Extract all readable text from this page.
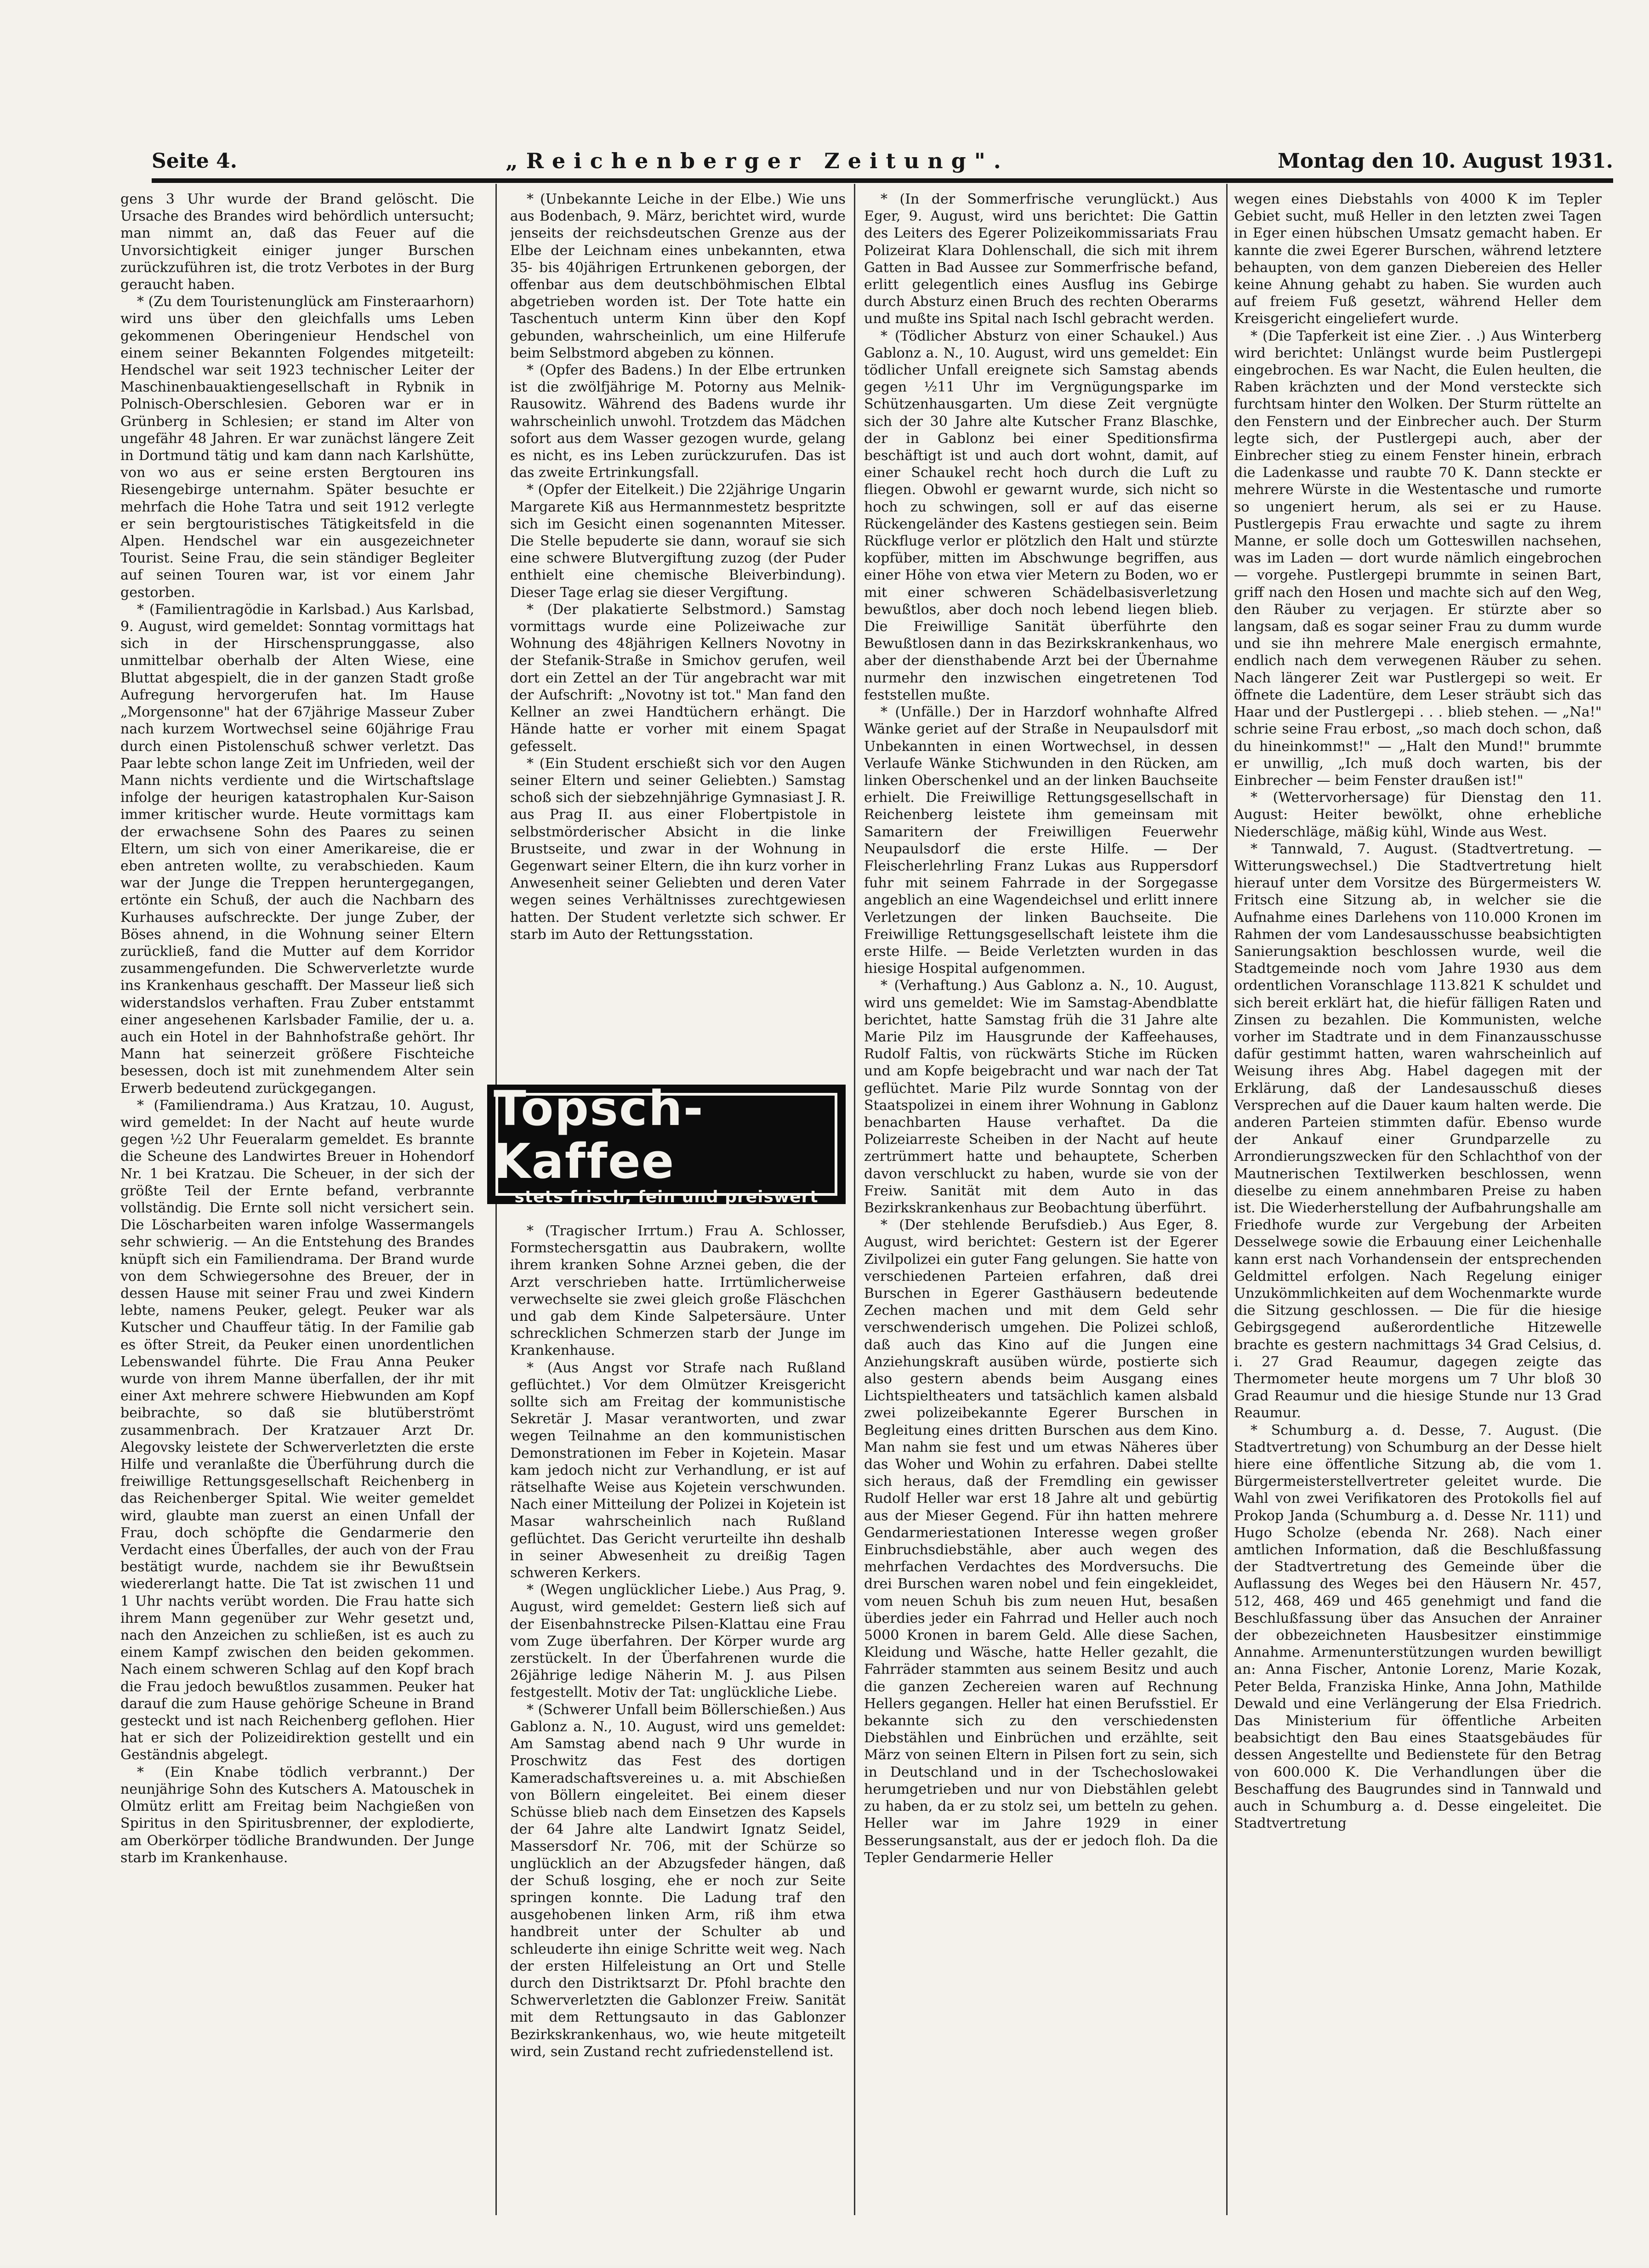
Seite 4.	„Reichenberger Zeitung".	Montag den 10. August 1931.

gens 3 Uhr wurde der Brand gelöscht. Die Ursache des Brandes wird behördlich untersucht; man nimmt an, daß das Feuer auf die Unvorsichtigkeit einiger junger Burschen zurückzuführen ist, die trotz Verbotes in der Burg geraucht haben.

* (Zu dem Touristenunglück am Finsteraarhorn) wird uns über den gleichfalls ums Leben gekommenen Oberingenieur Hendschel von einem seiner Bekannten Folgendes mitgeteilt: Hendschel war seit 1923 technischer Leiter der Maschinenbauaktiengesellschaft in Rybnik in Polnisch-Oberschlesien. Geboren war er in Grünberg in Schlesien; er stand im Alter von ungefähr 48 Jahren. Er war zunächst längere Zeit in Dortmund tätig und kam dann nach Karlshütte, von wo aus er seine ersten Bergtouren ins Riesengebirge unternahm. Später besuchte er mehrfach die Hohe Tatra und seit 1912 verlegte er sein bergtouristisches Tätigkeitsfeld in die Alpen. Hendschel war ein ausgezeichneter Tourist. Seine Frau, die sein ständiger Begleiter auf seinen Touren war, ist vor einem Jahr gestorben.

* (Familientragödie in Karlsbad.) Aus Karlsbad, 9. August, wird gemeldet: Sonntag vormittags hat sich in der Hirschensprunggasse, also unmittelbar oberhalb der Alten Wiese, eine Bluttat abgespielt, die in der ganzen Stadt große Aufregung hervorgerufen hat. Im Hause „Morgensonne" hat der 67jährige Masseur Zuber nach kurzem Wortwechsel seine 60jährige Frau durch einen Pistolenschuß schwer verletzt. Das Paar lebte schon lange Zeit im Unfrieden, weil der Mann nichts verdiente und die Wirtschaftslage infolge der heurigen katastrophalen Kur-Saison immer kritischer wurde. Heute vormittags kam der erwachsene Sohn des Paares zu seinen Eltern, um sich von einer Amerikareise, die er eben antreten wollte, zu verabschieden. Kaum war der Junge die Treppen heruntergegangen, ertönte ein Schuß, der auch die Nachbarn des Kurhauses aufschreckte. Der junge Zuber, der Böses ahnend, in die Wohnung seiner Eltern zurückließ, fand die Mutter auf dem Korridor zusammengefunden. Die Schwerverletzte wurde ins Krankenhaus geschafft. Der Masseur ließ sich widerstandslos verhaften. Frau Zuber entstammt einer angesehenen Karlsbader Familie, der u. a. auch ein Hotel in der Bahnhofstraße gehört. Ihr Mann hat seinerzeit größere Fischteiche besessen, doch ist mit zunehmendem Alter sein Erwerb bedeutend zurückgegangen.

* (Familiendrama.) Aus Kratzau, 10. August, wird gemeldet: In der Nacht auf heute wurde gegen ½2 Uhr Feueralarm gemeldet. Es brannte die Scheune des Landwirtes Breuer in Hohendorf Nr. 1 bei Kratzau. Die Scheuer, in der sich der größte Teil der Ernte befand, verbrannte vollständig. Die Ernte soll nicht versichert sein. Die Löscharbeiten waren infolge Wassermangels sehr schwierig. — An die Entstehung des Brandes knüpft sich ein Familiendrama. Der Brand wurde von dem Schwiegersohne des Breuer, der in dessen Hause mit seiner Frau und zwei Kindern lebte, namens Peuker, gelegt. Peuker war als Kutscher und Chauffeur tätig. In der Familie gab es öfter Streit, da Peuker einen unordentlichen Lebenswandel führte. Die Frau Anna Peuker wurde von ihrem Manne überfallen, der ihr mit einer Axt mehrere schwere Hiebwunden am Kopf beibrachte, so daß sie blutüberströmt zusammenbrach. Der Kratzauer Arzt Dr. Alegovsky leistete der Schwerverletzten die erste Hilfe und veranlaßte die Überführung durch die freiwillige Rettungsgesellschaft Reichenberg in das Reichenberger Spital. Wie weiter gemeldet wird, glaubte man zuerst an einen Unfall der Frau, doch schöpfte die Gendarmerie den Verdacht eines Überfalles, der auch von der Frau bestätigt wurde, nachdem sie ihr Bewußtsein wiedererlangt hatte. Die Tat ist zwischen 11 und 1 Uhr nachts verübt worden. Die Frau hatte sich ihrem Mann gegenüber zur Wehr gesetzt und, nach den Anzeichen zu schließen, ist es auch zu einem Kampf zwischen den beiden gekommen. Nach einem schweren Schlag auf den Kopf brach die Frau jedoch bewußtlos zusammen. Peuker hat darauf die zum Hause gehörige Scheune in Brand gesteckt und ist nach Reichenberg geflohen. Hier hat er sich der Polizeidirektion gestellt und ein Geständnis abgelegt.

* (Ein Knabe tödlich verbrannt.) Der neunjährige Sohn des Kutschers A. Matouschek in Olmütz erlitt am Freitag beim Nachgießen von Spiritus in den Spiritusbrenner, der explodierte, am Oberkörper tödliche Brandwunden. Der Junge starb im Krankenhause.

* (Unbekannte Leiche in der Elbe.) Wie uns aus Bodenbach, 9. März, berichtet wird, wurde jenseits der reichsdeutschen Grenze aus der Elbe der Leichnam eines unbekannten, etwa 35- bis 40jährigen Ertrunkenen geborgen, der offenbar aus dem deutschböhmischen Elbtal abgetrieben worden ist. Der Tote hatte ein Taschentuch unterm Kinn über den Kopf gebunden, wahrscheinlich, um eine Hilferufe beim Selbstmord abgeben zu können.

* (Opfer des Badens.) In der Elbe ertrunken ist die zwölfjährige M. Potorny aus Melnik-Rausowitz. Während des Badens wurde ihr wahrscheinlich unwohl. Trotzdem das Mädchen sofort aus dem Wasser gezogen wurde, gelang es nicht, es ins Leben zurückzurufen. Das ist das zweite Ertrinkungsfall.

* (Opfer der Eitelkeit.) Die 22jährige Ungarin Margarete Kiß aus Hermannmestetz bespritzte sich im Gesicht einen sogenannten Mitesser. Die Stelle bepuderte sie dann, worauf sie sich eine schwere Blutvergiftung zuzog (der Puder enthielt eine chemische Bleiverbindung). Dieser Tage erlag sie dieser Vergiftung.

* (Der plakatierte Selbstmord.) Samstag vormittags wurde eine Polizeiwache zur Wohnung des 48jährigen Kellners Novotny in der Stefanik-Straße in Smichov gerufen, weil dort ein Zettel an der Tür angebracht war mit der Aufschrift: „Novotny ist tot." Man fand den Kellner an zwei Handtüchern erhängt. Die Hände hatte er vorher mit einem Spagat gefesselt.

* (Ein Student erschießt sich vor den Augen seiner Eltern und seiner Geliebten.) Samstag schoß sich der siebzehnjährige Gymnasiast J. R. aus Prag II. aus einer Flobertpistole in selbstmörderischer Absicht in die linke Brustseite, und zwar in der Wohnung in Gegenwart seiner Eltern, die ihn kurz vorher in Anwesenheit seiner Geliebten und deren Vater wegen seines Verhältnisses zurechtgewiesen hatten. Der Student verletzte sich schwer. Er starb im Auto der Rettungsstation.

Topsch-Kaffee
stets frisch, fein und preiswert

* (Tragischer Irrtum.) Frau A. Schlosser, Formstechersgattin aus Daubrakern, wollte ihrem kranken Sohne Arznei geben, die der Arzt verschrieben hatte. Irrtümlicherweise verwechselte sie zwei gleich große Fläschchen und gab dem Kinde Salpetersäure. Unter schrecklichen Schmerzen starb der Junge im Krankenhause.

* (Aus Angst vor Strafe nach Rußland geflüchtet.) Vor dem Olmützer Kreisgericht sollte sich am Freitag der kommunistische Sekretär J. Masar verantworten, und zwar wegen Teilnahme an den kommunistischen Demonstrationen im Feber in Kojetein. Masar kam jedoch nicht zur Verhandlung, er ist auf rätselhafte Weise aus Kojetein verschwunden. Nach einer Mitteilung der Polizei in Kojetein ist Masar wahrscheinlich nach Rußland geflüchtet. Das Gericht verurteilte ihn deshalb in seiner Abwesenheit zu dreißig Tagen schweren Kerkers.

* (Wegen unglücklicher Liebe.) Aus Prag, 9. August, wird gemeldet: Gestern ließ sich auf der Eisenbahnstrecke Pilsen-Klattau eine Frau vom Zuge überfahren. Der Körper wurde arg zerstückelt. In der Überfahrenen wurde die 26jährige ledige Näherin M. J. aus Pilsen festgestellt. Motiv der Tat: unglückliche Liebe.

* (Schwerer Unfall beim Böllerschießen.) Aus Gablonz a. N., 10. August, wird uns gemeldet: Am Samstag abend nach 9 Uhr wurde in Proschwitz das Fest des dortigen Kameradschaftsvereines u. a. mit Abschießen von Böllern eingeleitet. Bei einem dieser Schüsse blieb nach dem Einsetzen des Kapsels der 64 Jahre alte Landwirt Ignatz Seidel, Massersdorf Nr. 706, mit der Schürze so unglücklich an der Abzugsfeder hängen, daß der Schuß losging, ehe er noch zur Seite springen konnte. Die Ladung traf den ausgehobenen linken Arm, riß ihm etwa handbreit unter der Schulter ab und schleuderte ihn einige Schritte weit weg. Nach der ersten Hilfeleistung an Ort und Stelle durch den Distriktsarzt Dr. Pfohl brachte den Schwerverletzten die Gablonzer Freiw. Sanität mit dem Rettungsauto in das Gablonzer Bezirkskrankenhaus, wo, wie heute mitgeteilt wird, sein Zustand recht zufriedenstellend ist.

* (In der Sommerfrische verunglückt.) Aus Eger, 9. August, wird uns berichtet: Die Gattin des Leiters des Egerer Polizeikommissariats Frau Polizeirat Klara Dohlenschall, die sich mit ihrem Gatten in Bad Aussee zur Sommerfrische befand, erlitt gelegentlich eines Ausflug ins Gebirge durch Absturz einen Bruch des rechten Oberarms und mußte ins Spital nach Ischl gebracht werden.

* (Tödlicher Absturz von einer Schaukel.) Aus Gablonz a. N., 10. August, wird uns gemeldet: Ein tödlicher Unfall ereignete sich Samstag abends gegen ½11 Uhr im Vergnügungsparke im Schützenhausgarten. Um diese Zeit vergnügte sich der 30 Jahre alte Kutscher Franz Blaschke, der in Gablonz bei einer Speditionsfirma beschäftigt ist und auch dort wohnt, damit, auf einer Schaukel recht hoch durch die Luft zu fliegen. Obwohl er gewarnt wurde, sich nicht so hoch zu schwingen, soll er auf das eiserne Rückengeländer des Kastens gestiegen sein. Beim Rückfluge verlor er plötzlich den Halt und stürzte kopfüber, mitten im Abschwunge begriffen, aus einer Höhe von etwa vier Metern zu Boden, wo er mit einer schweren Schädelbasisverletzung bewußtlos, aber doch noch lebend liegen blieb. Die Freiwillige Sanität überführte den Bewußtlosen dann in das Bezirkskrankenhaus, wo aber der diensthabende Arzt bei der Übernahme nurmehr den inzwischen eingetretenen Tod feststellen mußte.

* (Unfälle.) Der in Harzdorf wohnhafte Alfred Wänke geriet auf der Straße in Neupaulsdorf mit Unbekannten in einen Wortwechsel, in dessen Verlaufe Wänke Stichwunden in den Rücken, am linken Oberschenkel und an der linken Bauchseite erhielt. Die Freiwillige Rettungsgesellschaft in Reichenberg leistete ihm gemeinsam mit Samaritern der Freiwilligen Feuerwehr Neupaulsdorf die erste Hilfe. — Der Fleischerlehrling Franz Lukas aus Ruppersdorf fuhr mit seinem Fahrrade in der Sorgegasse angeblich an eine Wagendeichsel und erlitt innere Verletzungen der linken Bauchseite. Die Freiwillige Rettungsgesellschaft leistete ihm die erste Hilfe. — Beide Verletzten wurden in das hiesige Hospital aufgenommen.

* (Verhaftung.) Aus Gablonz a. N., 10. August, wird uns gemeldet: Wie im Samstag-Abendblatte berichtet, hatte Samstag früh die 31 Jahre alte Marie Pilz im Hausgrunde der Kaffeehauses, Rudolf Faltis, von rückwärts Stiche im Rücken und am Kopfe beigebracht und war nach der Tat geflüchtet. Marie Pilz wurde Sonntag von der Staatspolizei in einem ihrer Wohnung in Gablonz benachbarten Hause verhaftet. Da die Polizeiarreste Scheiben in der Nacht auf heute zertrümmert hatte und behauptete, Scherben davon verschluckt zu haben, wurde sie von der Freiw. Sanität mit dem Auto in das Bezirkskrankenhaus zur Beobachtung überführt.

* (Der stehlende Berufsdieb.) Aus Eger, 8. August, wird berichtet: Gestern ist der Egerer Zivilpolizei ein guter Fang gelungen. Sie hatte von verschiedenen Parteien erfahren, daß drei Burschen in Egerer Gasthäusern bedeutende Zechen machen und mit dem Geld sehr verschwenderisch umgehen. Die Polizei schloß, daß auch das Kino auf die Jungen eine Anziehungskraft ausüben würde, postierte sich also gestern abends beim Ausgang eines Lichtspieltheaters und tatsächlich kamen alsbald zwei polizeibekannte Egerer Burschen in Begleitung eines dritten Burschen aus dem Kino. Man nahm sie fest und um etwas Näheres über das Woher und Wohin zu erfahren. Dabei stellte sich heraus, daß der Fremdling ein gewisser Rudolf Heller war erst 18 Jahre alt und gebürtig aus der Mieser Gegend. Für ihn hatten mehrere Gendarmeriestationen Interesse wegen großer Einbruchsdiebstähle, aber auch wegen des mehrfachen Verdachtes des Mordversuchs. Die drei Burschen waren nobel und fein eingekleidet, vom neuen Schuh bis zum neuen Hut, besaßen überdies jeder ein Fahrrad und Heller auch noch 5000 Kronen in barem Geld. Alle diese Sachen, Kleidung und Wäsche, hatte Heller gezahlt, die Fahrräder stammten aus seinem Besitz und auch die ganzen Zechereien waren auf Rechnung Hellers gegangen. Heller hat einen Berufsstiel. Er bekannte sich zu den verschiedensten Diebstählen und Einbrüchen und erzählte, seit März von seinen Eltern in Pilsen fort zu sein, sich in Deutschland und in der Tschechoslowakei herumgetrieben und nur von Diebstählen gelebt zu haben, da er zu stolz sei, um betteln zu gehen. Heller war im Jahre 1929 in einer Besserungsanstalt, aus der er jedoch floh. Da die Tepler Gendarmerie Heller

wegen eines Diebstahls von 4000 K im Tepler Gebiet sucht, muß Heller in den letzten zwei Tagen in Eger einen hübschen Umsatz gemacht haben. Er kannte die zwei Egerer Burschen, während letztere behaupten, von dem ganzen Diebereien des Heller keine Ahnung gehabt zu haben. Sie wurden auch auf freiem Fuß gesetzt, während Heller dem Kreisgericht eingeliefert wurde.

* (Die Tapferkeit ist eine Zier. . .) Aus Winterberg wird berichtet: Unlängst wurde beim Pustlergepi eingebrochen. Es war Nacht, die Eulen heulten, die Raben krächzten und der Mond versteckte sich furchtsam hinter den Wolken. Der Sturm rüttelte an den Fenstern und der Einbrecher auch. Der Sturm legte sich, der Pustlergepi auch, aber der Einbrecher stieg zu einem Fenster hinein, erbrach die Ladenkasse und raubte 70 K. Dann steckte er mehrere Würste in die Westentasche und rumorte so ungeniert herum, als sei er zu Hause. Pustlergepis Frau erwachte und sagte zu ihrem Manne, er solle doch um Gotteswillen nachsehen, was im Laden — dort wurde nämlich eingebrochen — vorgehe. Pustlergepi brummte in seinen Bart, griff nach den Hosen und machte sich auf den Weg, den Räuber zu verjagen. Er stürzte aber so langsam, daß es sogar seiner Frau zu dumm wurde und sie ihn mehrere Male energisch ermahnte, endlich nach dem verwegenen Räuber zu sehen. Nach längerer Zeit war Pustlergepi so weit. Er öffnete die Ladentüre, dem Leser sträubt sich das Haar und der Pustlergepi . . . blieb stehen. — „Na!" schrie seine Frau erbost, „so mach doch schon, daß du hineinkommst!" — „Halt den Mund!" brummte er unwillig, „Ich muß doch warten, bis der Einbrecher — beim Fenster draußen ist!"

* (Wettervorhersage) für Dienstag den 11. August: Heiter bewölkt, ohne erhebliche Niederschläge, mäßig kühl, Winde aus West.

* Tannwald, 7. August. (Stadtvertretung. — Witterungswechsel.) Die Stadtvertretung hielt hierauf unter dem Vorsitze des Bürgermeisters W. Fritsch eine Sitzung ab, in welcher sie die Aufnahme eines Darlehens von 110.000 Kronen im Rahmen der vom Landesausschusse beabsichtigten Sanierungsaktion beschlossen wurde, weil die Stadtgemeinde noch vom Jahre 1930 aus dem ordentlichen Voranschlage 113.821 K schuldet und sich bereit erklärt hat, die hiefür fälligen Raten und Zinsen zu bezahlen. Die Kommunisten, welche vorher im Stadtrate und in dem Finanzausschusse dafür gestimmt hatten, waren wahrscheinlich auf Weisung ihres Abg. Habel dagegen mit der Erklärung, daß der Landesausschuß dieses Versprechen auf die Dauer kaum halten werde. Die anderen Parteien stimmten dafür. Ebenso wurde der Ankauf einer Grundparzelle zu Arrondierungszwecken für den Schlachthof von der Mautnerischen Textilwerken beschlossen, wenn dieselbe zu einem annehmbaren Preise zu haben ist. Die Wiederherstellung der Aufbahrungshalle am Friedhofe wurde zur Vergebung der Arbeiten Desselwege sowie die Erbauung einer Leichenhalle kann erst nach Vorhandensein der entsprechenden Geldmittel erfolgen. Nach Regelung einiger Unzukömmlichkeiten auf dem Wochenmarkte wurde die Sitzung geschlossen. — Die für die hiesige Gebirgsgegend außerordentliche Hitzewelle brachte es gestern nachmittags 34 Grad Celsius, d. i. 27 Grad Reaumur, dagegen zeigte das Thermometer heute morgens um 7 Uhr bloß 30 Grad Reaumur und die hiesige Stunde nur 13 Grad Reaumur.

* Schumburg a. d. Desse, 7. August. (Die Stadtvertretung) von Schumburg an der Desse hielt hiere eine öffentliche Sitzung ab, die vom 1. Bürgermeisterstellvertreter geleitet wurde. Die Wahl von zwei Verifikatoren des Protokolls fiel auf Prokop Janda (Schumburg a. d. Desse Nr. 111) und Hugo Scholze (ebenda Nr. 268). Nach einer amtlichen Information, daß die Beschlußfassung der Stadtvertretung des Gemeinde über die Auflassung des Weges bei den Häusern Nr. 457, 512, 468, 469 und 465 genehmigt und fand die Beschlußfassung über das Ansuchen der Anrainer der obbezeichneten Hausbesitzer einstimmige Annahme. Armenunterstützungen wurden bewilligt an: Anna Fischer, Antonie Lorenz, Marie Kozak, Peter Belda, Franziska Hinke, Anna John, Mathilde Dewald und eine Verlängerung der Elsa Friedrich. Das Ministerium für öffentliche Arbeiten beabsichtigt den Bau eines Staatsgebäudes für dessen Angestellte und Bedienstete für den Betrag von 600.000 K. Die Verhandlungen über die Beschaffung des Baugrundes sind in Tannwald und auch in Schumburg a. d. Desse eingeleitet. Die Stadtvertretung
